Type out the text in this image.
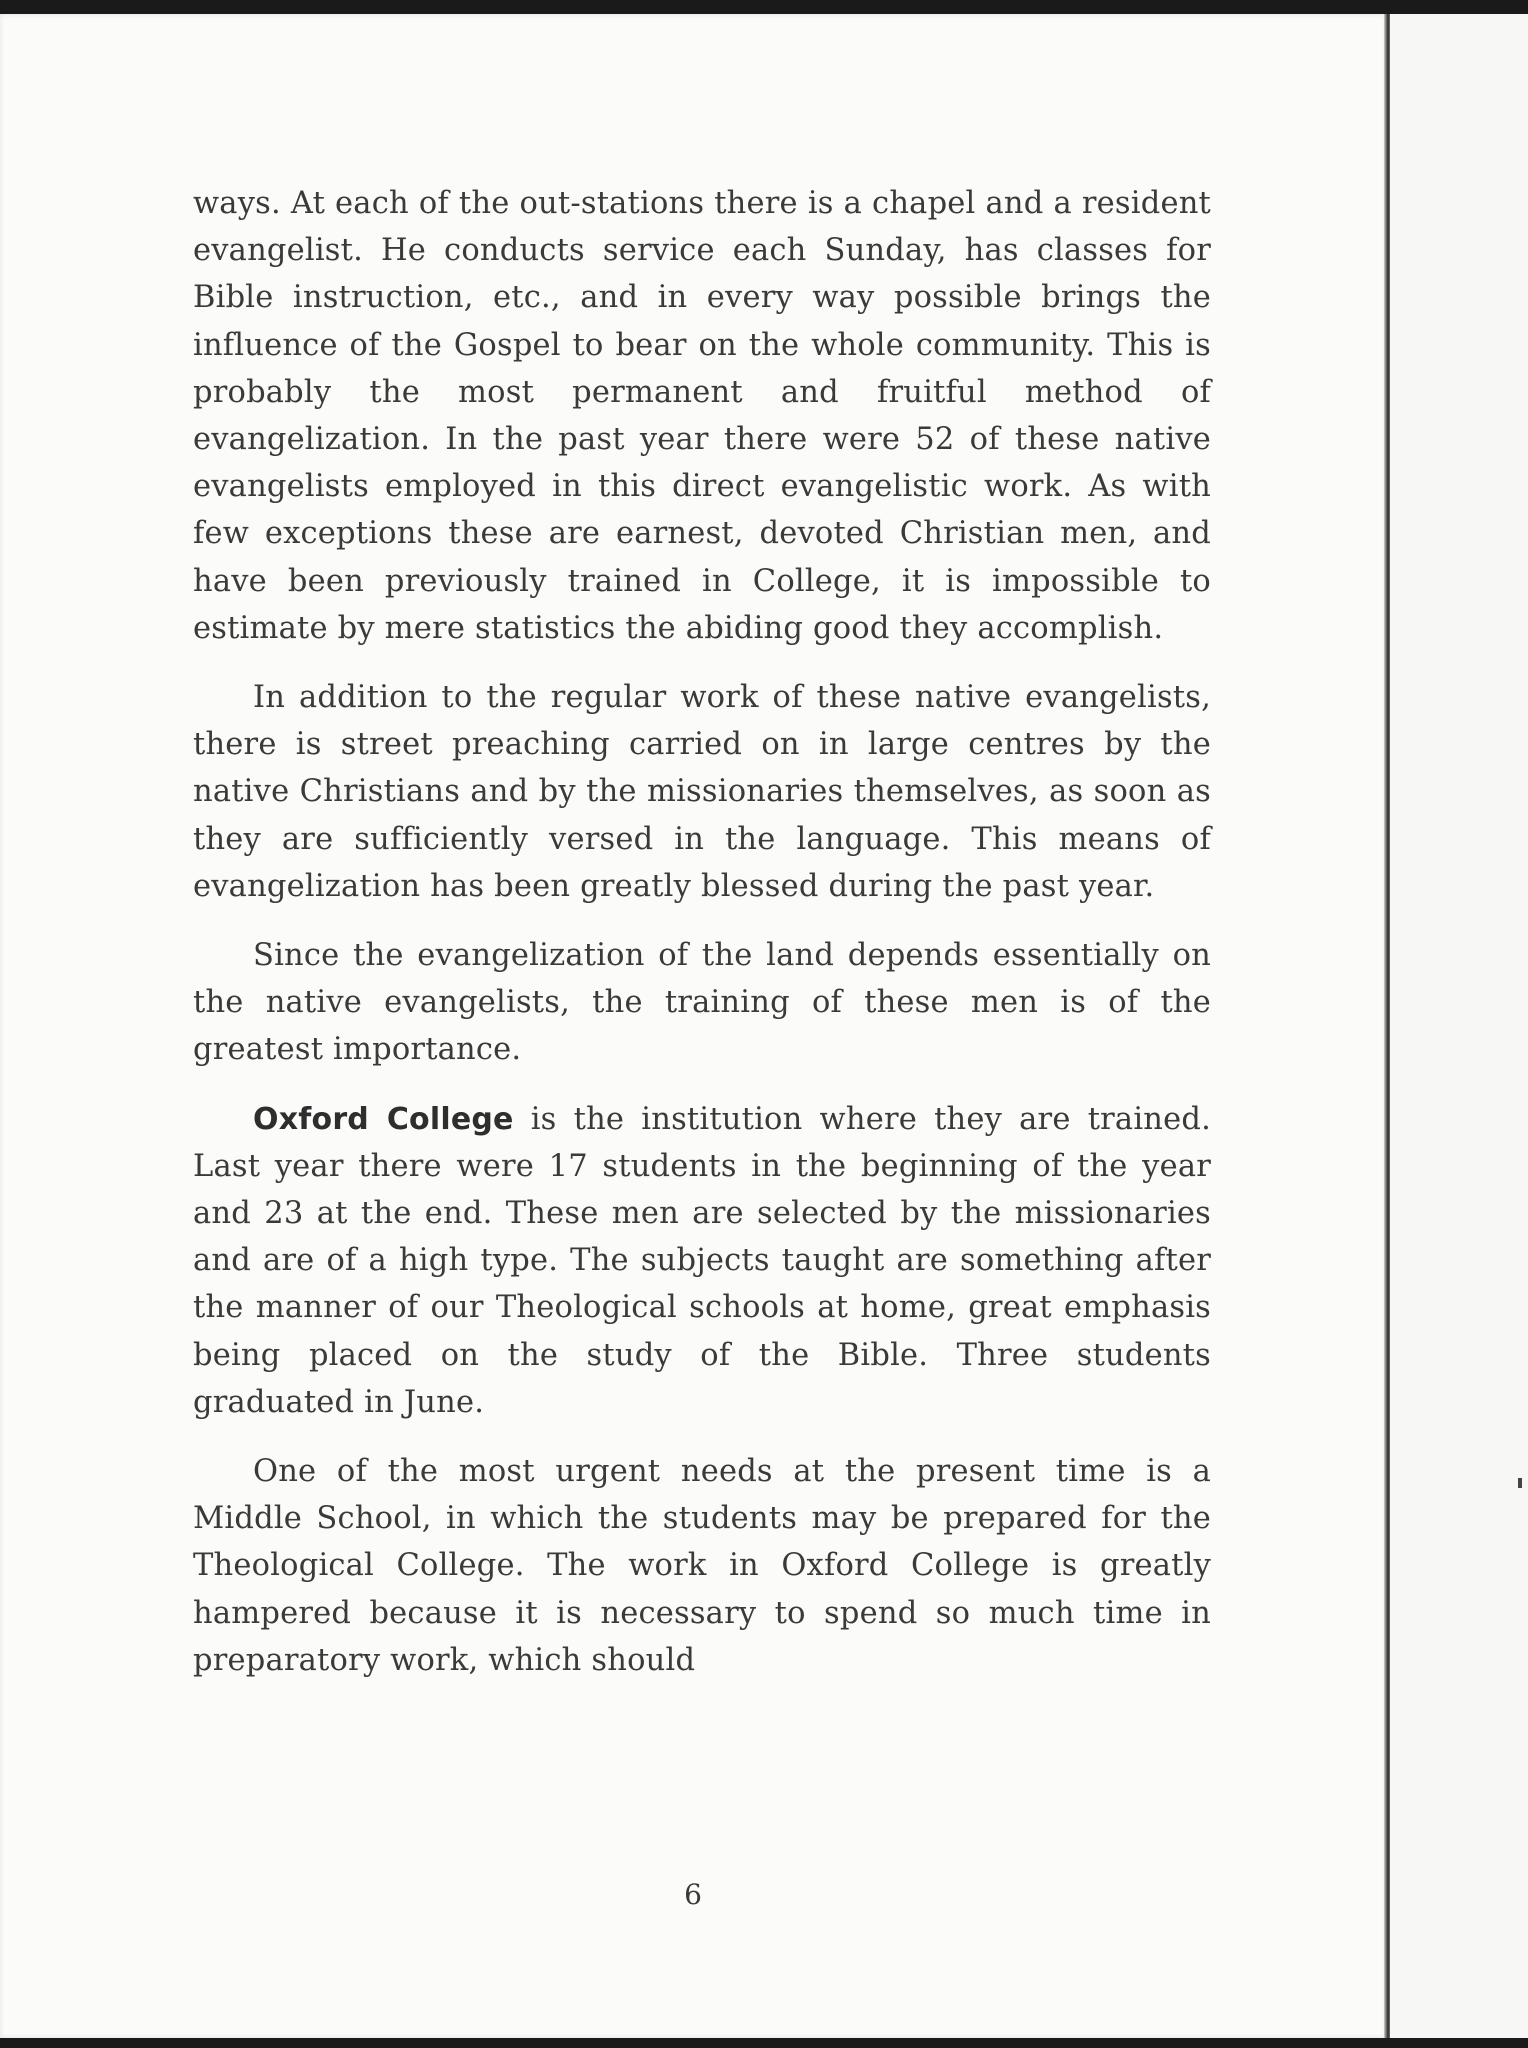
ways. At each of the out-stations there is a chapel and a resident evangelist. He conducts service each Sunday, has classes for Bible instruction, etc., and in every way possible brings the influence of the Gospel to bear on the whole community. This is probably the most permanent and fruitful method of evangelization. In the past year there were 52 of these native evangelists employed in this direct evangelistic work. As with few exceptions these are earnest, devoted Christian men, and have been previously trained in College, it is impossible to estimate by mere statistics the abiding good they accomplish.

In addition to the regular work of these native evangelists, there is street preaching carried on in large centres by the native Christians and by the missionaries themselves, as soon as they are sufficiently versed in the language. This means of evangelization has been greatly blessed during the past year.

Since the evangelization of the land depends essentially on the native evangelists, the training of these men is of the greatest importance.

Oxford College is the institution where they are trained. Last year there were 17 students in the beginning of the year and 23 at the end. These men are selected by the missionaries and are of a high type. The subjects taught are something after the manner of our Theological schools at home, great emphasis being placed on the study of the Bible. Three students graduated in June.

One of the most urgent needs at the present time is a Middle School, in which the students may be prepared for the Theological College. The work in Oxford College is greatly hampered because it is necessary to spend so much time in preparatory work, which should

6
